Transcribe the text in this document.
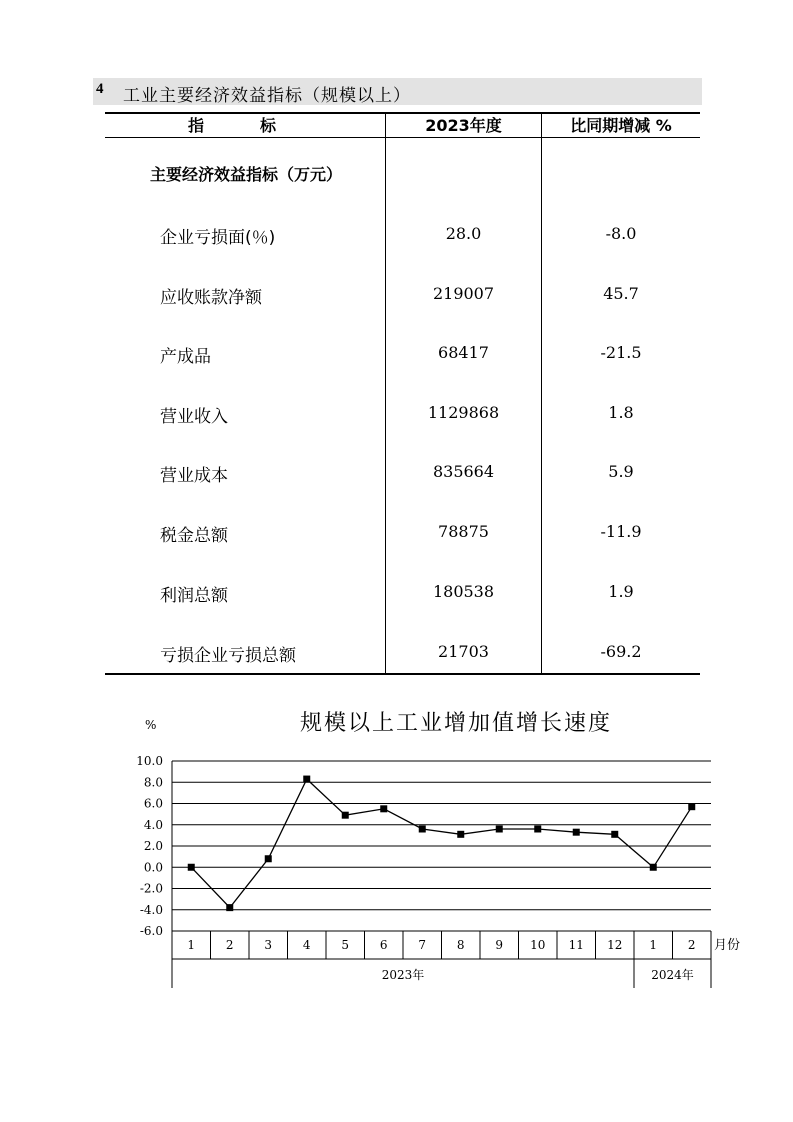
4 工业主要经济效益指标（规模以上）
指标	2023年度	比同期增减 %
主要经济效益指标（万元）
企业亏损面(％)	28.0	-8.0
应收账款净额	219007	45.7
产成品	68417	-21.5
营业收入	1129868	1.8
营业成本	835664	5.9
税金总额	78875	-11.9
利润总额	180538	1.9
亏损企业亏损总额	21703	-69.2
规模以上工业增加值增长速度
%
10.0
8.0
6.0
4.0
2.0
0.0
-2.0
-4.0
-6.0
1	2	3	4	5	6	7	8	9 10 11 12 1	2
2023年	2024年
月份
